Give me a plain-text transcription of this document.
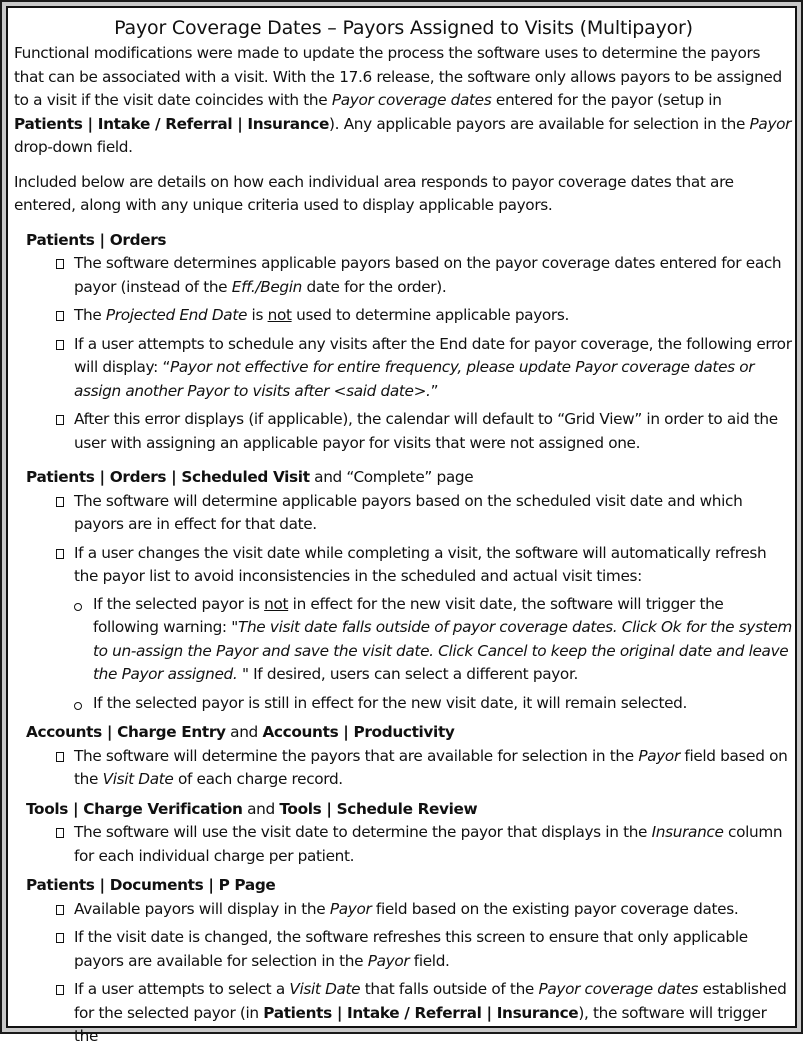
Payor Coverage Dates – Payors Assigned to Visits (Multipayor)

Functional modifications were made to update the process the software uses to determine the payors that can be associated with a visit. With the 17.6 release, the software only allows payors to be assigned to a visit if the visit date coincides with the Payor coverage dates entered for the payor (setup in Patients | Intake / Referral | Insurance). Any applicable payors are available for selection in the Payor drop-down field.

Included below are details on how each individual area responds to payor coverage dates that are entered, along with any unique criteria used to display applicable payors.

Patients | Orders

The software determines applicable payors based on the payor coverage dates entered for each payor (instead of the Eff./Begin date for the order).
The Projected End Date is not used to determine applicable payors.
If a user attempts to schedule any visits after the End date for payor coverage, the following error will display: “Payor not effective for entire frequency, please update Payor coverage dates or assign another Payor to visits after <said date>.”
After this error displays (if applicable), the calendar will default to “Grid View” in order to aid the user with assigning an applicable payor for visits that were not assigned one.

Patients | Orders | Scheduled Visit and “Complete” page

The software will determine applicable payors based on the scheduled visit date and which payors are in effect for that date.
If a user changes the visit date while completing a visit, the software will automatically refresh the payor list to avoid inconsistencies in the scheduled and actual visit times:
If the selected payor is not in effect for the new visit date, the software will trigger the following warning: "The visit date falls outside of payor coverage dates. Click Ok for the system to un-assign the Payor and save the visit date. Click Cancel to keep the original date and leave the Payor assigned. " If desired, users can select a different payor.
If the selected payor is still in effect for the new visit date, it will remain selected.

Accounts | Charge Entry and Accounts | Productivity

The software will determine the payors that are available for selection in the Payor field based on the Visit Date of each charge record.

Tools | Charge Verification and Tools | Schedule Review

The software will use the visit date to determine the payor that displays in the Insurance column for each individual charge per patient.

Patients | Documents | P Page

Available payors will display in the Payor field based on the existing payor coverage dates.
If the visit date is changed, the software refreshes this screen to ensure that only applicable payors are available for selection in the Payor field.
If a user attempts to select a Visit Date that falls outside of the Payor coverage dates established for the selected payor (in Patients | Intake / Referral | Insurance), the software will trigger the
